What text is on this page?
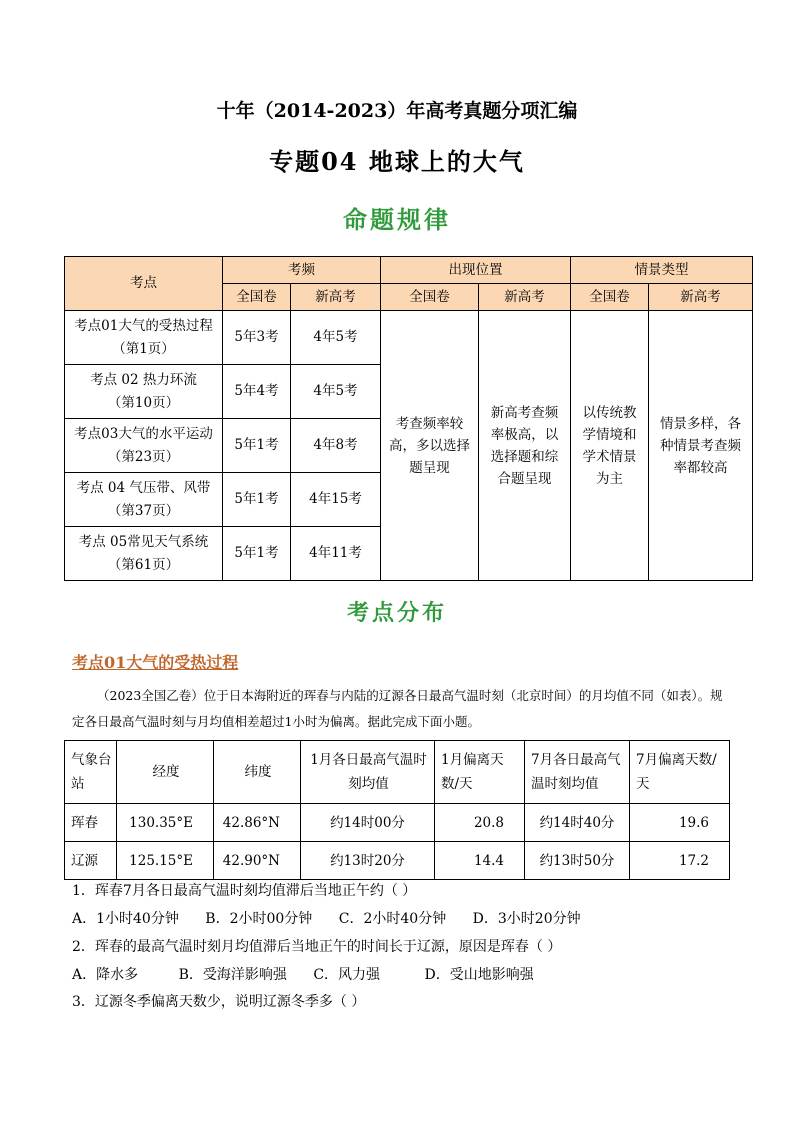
十年（2014-2023）年高考真题分项汇编
专题04 地球上的大气
命题规律
考点	考频		出现位置		情景类型	
	全国卷	新高考	全国卷	新高考	全国卷	新高考

考点01大气的受热过程
（第1页）	5年3考	4年5考	考查频率较高，多以选择题呈现	新高考查频率极高，以选择题和综合题呈现	以传统教学情境和学术情景为主	情景多样，各种情景考查频率都较高

考点 02 热力环流
（第10页）	5年4考	4年5考				

考点03大气的水平运动
（第23页）	5年1考	4年8考				

考点 04 气压带、风带
（第37页）	5年1考	4年15考				

考点 05常见天气系统
（第61页）	5年1考	4年11考				
考点分布
考点01大气的受热过程
（2023全国乙卷）位于日本海附近的珲春与内陆的辽源各日最高气温时刻（北京时间）的月均值不同（如表）。规定各日最高气温时刻与月均值相差超过1小时为偏离。据此完成下面小题。
气象台站	经度	纬度	1月各日最高气温时刻均值	1月偏离天数/天	7月各日最高气温时刻均值	7月偏离天数/天
珲春	130.35°E	42.86°N	约14时00分	20.8	约14时40分	19.6
辽源	125.15°E	42.90°N	约13时20分	14.4	约13时50分	17.2
1．珲春7月各日最高气温时刻均值滞后当地正午约（ ）
A．1小时40分钟 B．2小时00分钟 C．2小时40分钟 D．3小时20分钟
2．珲春的最高气温时刻月均值滞后当地正午的时间长于辽源，原因是珲春（ ）
A．降水多	B．受海洋影响强 C．风力强	D．受山地影响强
3．辽源冬季偏离天数少，说明辽源冬季多（ ）
